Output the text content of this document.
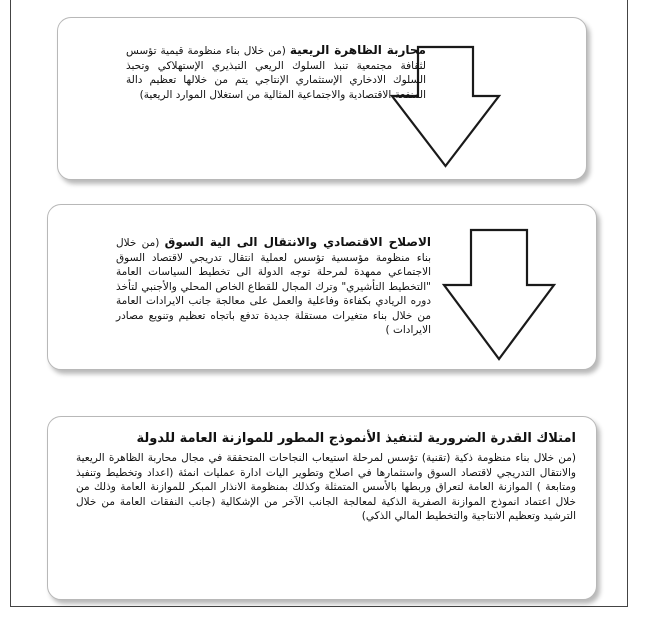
محاربة الظاهرة الريعية (من خلال بناء منظومة قيمية تؤسس لثقافة مجتمعية تنبذ السلوك الريعي التبذيري الإستهلاكي وتحبذ السلوك الادخاري الإستثماري الإنتاجي يتم من خلالها تعظيم دالة المنفعة الاقتصادية والاجتماعية المثالية من استغلال الموارد الريعية)
الاصلاح الاقتصادي والانتقال الى الية السوق (من خلال بناء منظومة مؤسسية تؤسس لعملية انتقال تدريجي لاقتصاد السوق الاجتماعي ممهدة لمرحلة توجه الدولة الى تخطيط السياسات العامة "التخطيط التأشيري" وترك المجال للقطاع الخاص المحلي والأجنبي لتأخذ دوره الريادي بكفاءة وفاعلية والعمل على معالجة جانب الايرادات العامة من خلال بناء متغيرات مستقلة جديدة تدفع باتجاه تعظيم وتنويع مصادر الايرادات )
امتلاك القدرة الضرورية لتنفيذ الأنموذج المطور للموازنة العامة للدولة
(من خلال بناء منظومة ذكية (تقنية) تؤسس لمرحلة استيعاب النجاحات المتحققة في مجال محاربة الظاهرة الريعية والانتقال التدريجي لاقتصاد السوق واستثمارها في اصلاح وتطوير اليات ادارة عمليات انمئة (اعداد وتخطيط وتنفيذ ومتابعة ) الموازنة العامة لتعراق وربطها بالأسس المتمثلة وكذلك بمنظومة الانذار المبكر للموازنة العامة وذلك من خلال اعتماد انموذج الموازنة الصفرية الذكية لمعالجة الجانب الآخر من الإشكالية (جانب النفقات العامة من خلال الترشيد وتعظيم الانتاجية والتخطيط المالي الذكي)
